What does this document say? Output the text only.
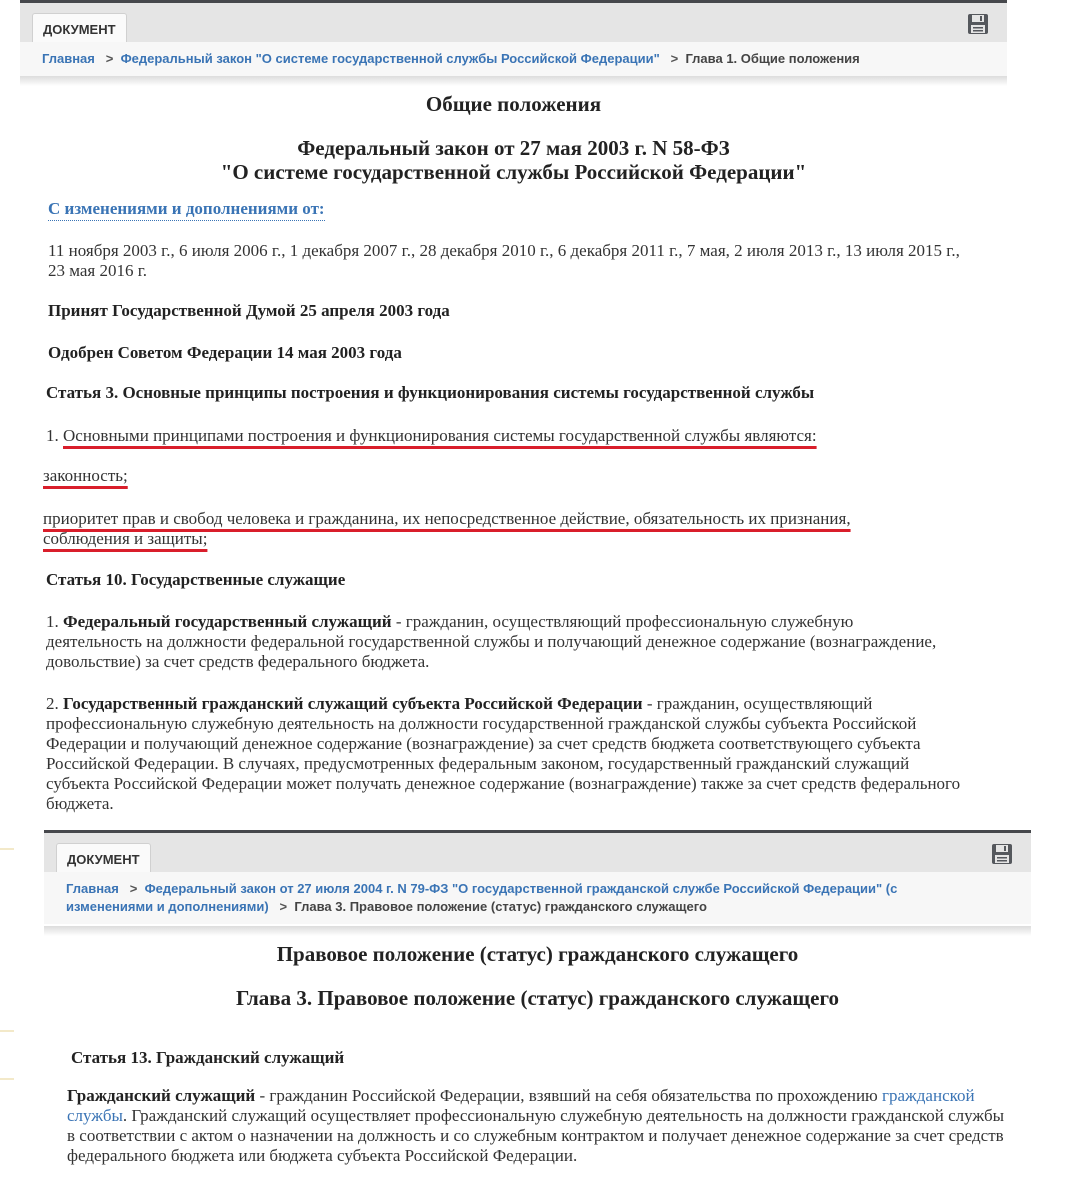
ДОКУМЕНТ
Главная   >  Федеральный закон "О системе государственной службы Российской Федерации"   >  Глава 1. Общие положения
Общие положения
Федеральный закон от 27 мая 2003 г. N 58-ФЗ
"О системе государственной службы Российской Федерации"
С изменениями и дополнениями от:
11 ноября 2003 г., 6 июля 2006 г., 1 декабря 2007 г., 28 декабря 2010 г., 6 декабря 2011 г., 7 мая, 2 июля 2013 г., 13 июля 2015 г., 23 мая 2016 г.
Принят Государственной Думой 25 апреля 2003 года
Одобрен Советом Федерации 14 мая 2003 года
Статья 3. Основные принципы построения и функционирования системы государственной службы
1. Основными принципами построения и функционирования системы государственной службы являются:
законность;
приоритет прав и свобод человека и гражданина, их непосредственное действие, обязательность их признания, соблюдения и защиты;
Статья 10. Государственные служащие
1. Федеральный государственный служащий - гражданин, осуществляющий профессиональную служебную деятельность на должности федеральной государственной службы и получающий денежное содержание (вознаграждение, довольствие) за счет средств федерального бюджета.
2. Государственный гражданский служащий субъекта Российской Федерации - гражданин, осуществляющий профессиональную служебную деятельность на должности государственной гражданской службы субъекта Российской Федерации и получающий денежное содержание (вознаграждение) за счет средств бюджета соответствующего субъекта Российской Федерации. В случаях, предусмотренных федеральным законом, государственный гражданский служащий субъекта Российской Федерации может получать денежное содержание (вознаграждение) также за счет средств федерального бюджета.
ДОКУМЕНТ
Главная   >  Федеральный закон от 27 июля 2004 г. N 79-ФЗ "О государственной гражданской службе Российской Федерации" (с изменениями и дополнениями)   >  Глава 3. Правовое положение (статус) гражданского служащего
Правовое положение (статус) гражданского служащего
Глава 3. Правовое положение (статус) гражданского служащего
Статья 13. Гражданский служащий
Гражданский служащий - гражданин Российской Федерации, взявший на себя обязательства по прохождению гражданской службы. Гражданский служащий осуществляет профессиональную служебную деятельность на должности гражданской службы в соответствии с актом о назначении на должность и со служебным контрактом и получает денежное содержание за счет средств федерального бюджета или бюджета субъекта Российской Федерации.
